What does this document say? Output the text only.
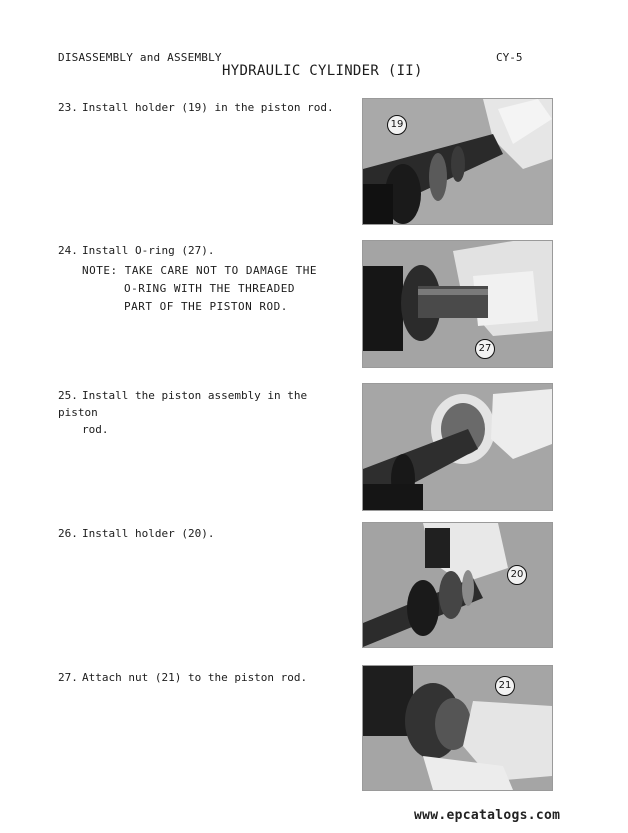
DISASSEMBLY and ASSEMBLY	CY-5
HYDRAULIC CYLINDER (II)
23. Install holder (19) in the piston rod.
24. Install O-ring (27).
NOTE: TAKE CARE NOT TO DAMAGE THE
O-RING WITH THE THREADED
PART OF THE PISTON ROD.
25. Install the piston assembly in the piston
rod.
26. Install holder (20).
27. Attach nut (21) to the piston rod.
19
27
20
21
www.epcatalogs.com
